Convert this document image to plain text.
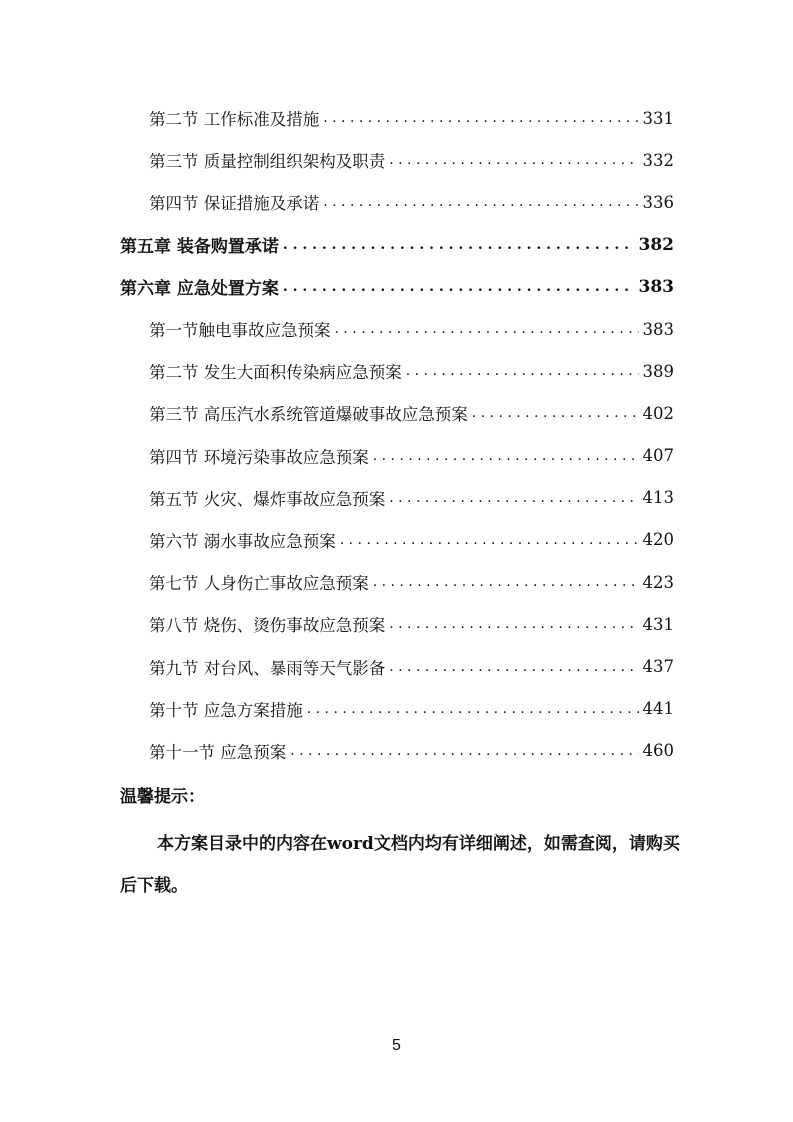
第二节 工作标准及措施 . . .	331
第三节 质量控制组织架构及职责 . . .	332
第四节 保证措施及承诺 . . .	336
第五章 装备购置承诺 . . .	382
第六章 应急处置方案 . . .	383
第一节触电事故应急预案 . . .	383
第二节 发生大面积传染病应急预案 . . .	389
第三节 高压汽水系统管道爆破事故应急预案 . . .	402
第四节 环境污染事故应急预案 . . .	407
第五节 火灾、爆炸事故应急预案 . . .	413
第六节 溺水事故应急预案 . . .	420
第七节 人身伤亡事故应急预案 . . .	423
第八节 烧伤、烫伤事故应急预案 . . .	431
第九节 对台风、暴雨等天气影备 . . .	437
第十节 应急方案措施 . . .	441
第十一节 应急预案 . . .	460
温馨提示：
本方案目录中的内容在word文档内均有详细阐述，如需查阅，请购买后下载。
5
